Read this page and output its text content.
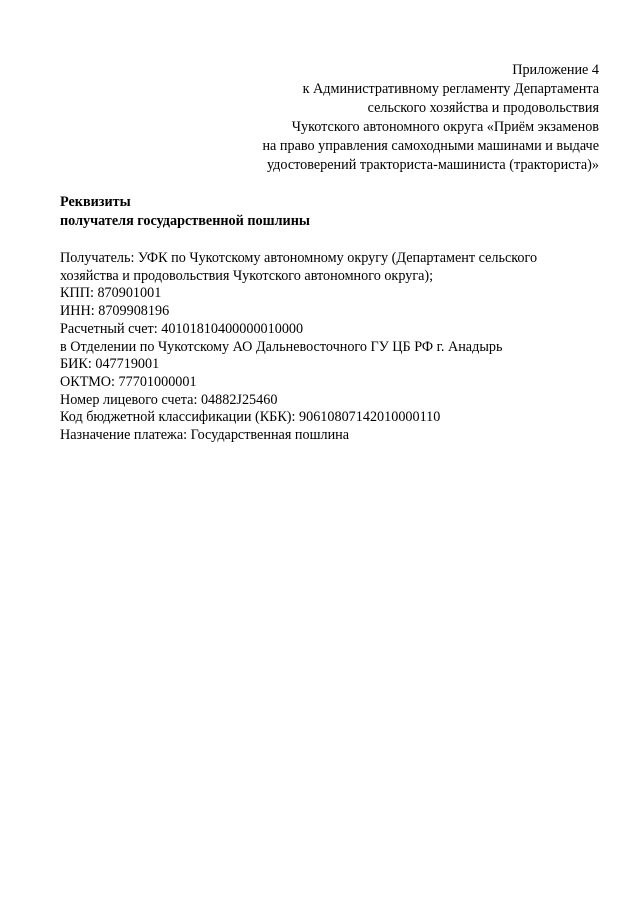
Приложение 4
к Административному регламенту Департамента
сельского хозяйства и продовольствия
Чукотского автономного округа «Приём экзаменов
на право управления самоходными машинами и выдаче
удостоверений тракториста-машиниста (тракториста)»
Реквизиты
получателя государственной пошлины
Получатель: УФК по Чукотскому автономному округу (Департамент сельского
хозяйства и продовольствия Чукотского автономного округа);
КПП: 870901001
ИНН: 8709908196
Расчетный счет: 40101810400000010000
в Отделении по Чукотскому АО Дальневосточного ГУ ЦБ РФ г. Анадырь
БИК: 047719001
ОКТМО: 77701000001
Номер лицевого счета: 04882J25460
Код бюджетной классификации (КБК): 90610807142010000110
Назначение платежа: Государственная пошлина
